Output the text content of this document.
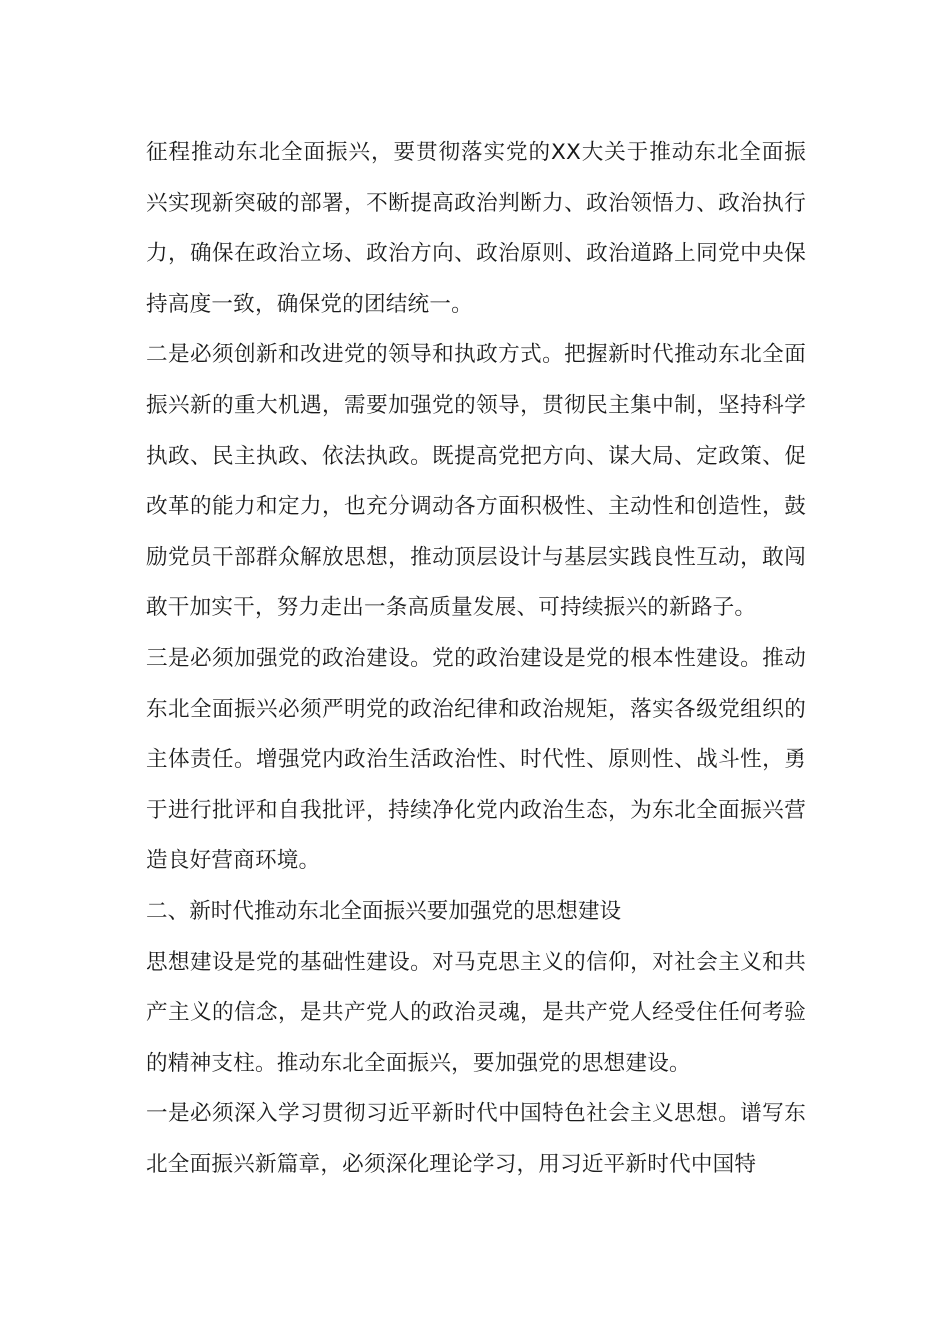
征程推动东北全面振兴，要贯彻落实党的XX大关于推动东北全面振兴实现新突破的部署，不断提高政治判断力、政治领悟力、政治执行力，确保在政治立场、政治方向、政治原则、政治道路上同党中央保持高度一致，确保党的团结统一。

二是必须创新和改进党的领导和执政方式。把握新时代推动东北全面振兴新的重大机遇，需要加强党的领导，贯彻民主集中制，坚持科学执政、民主执政、依法执政。既提高党把方向、谋大局、定政策、促改革的能力和定力，也充分调动各方面积极性、主动性和创造性，鼓励党员干部群众解放思想，推动顶层设计与基层实践良性互动，敢闯敢干加实干，努力走出一条高质量发展、可持续振兴的新路子。

三是必须加强党的政治建设。党的政治建设是党的根本性建设。推动东北全面振兴必须严明党的政治纪律和政治规矩，落实各级党组织的主体责任。增强党内政治生活政治性、时代性、原则性、战斗性，勇于进行批评和自我批评，持续净化党内政治生态，为东北全面振兴营造良好营商环境。

二、新时代推动东北全面振兴要加强党的思想建设

思想建设是党的基础性建设。对马克思主义的信仰，对社会主义和共产主义的信念，是共产党人的政治灵魂，是共产党人经受住任何考验的精神支柱。推动东北全面振兴，要加强党的思想建设。

一是必须深入学习贯彻习近平新时代中国特色社会主义思想。谱写东北全面振兴新篇章，必须深化理论学习，用习近平新时代中国特
